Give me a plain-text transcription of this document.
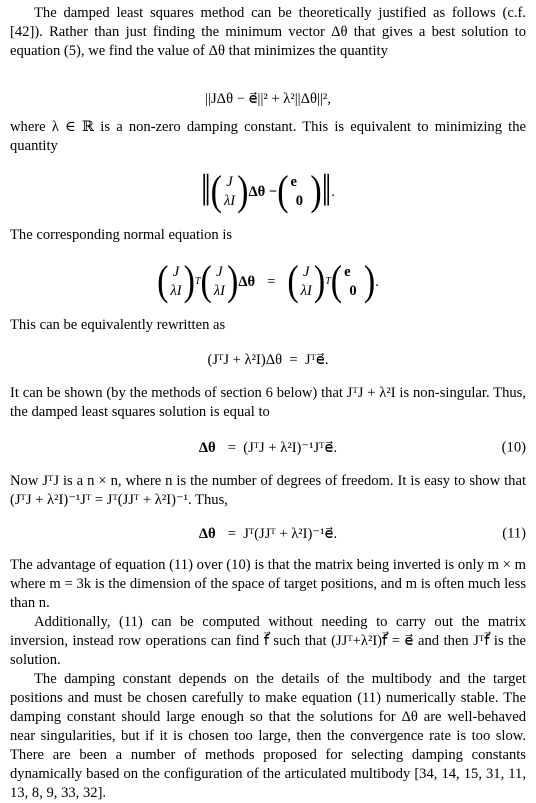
The damped least squares method can be theoretically justified as follows (c.f. [42]). Rather than just finding the minimum vector Δθ that gives a best solution to equation (5), we find the value of Δθ that minimizes the quantity

||JΔθ − e⃗||² + λ²||Δθ||²,

where λ ∈ ℝ is a non-zero damping constant. This is equivalent to minimizing the quantity

‖ ( J
λI ) Δθ − ( e⃗
0 ) ‖ .

The corresponding normal equation is

( J
λI ) T ( J
λI ) Δθ = ( J
λI ) T ( e⃗
0 ) .

This can be equivalently rewritten as

(JᵀJ + λ²I)Δθ  =  Jᵀe⃗.

It can be shown (by the methods of section 6 below) that JᵀJ + λ²I is non-singular. Thus, the damped least squares solution is equal to

Δθ =  (JᵀJ + λ²I)⁻¹Jᵀe⃗.	(10)

Now JᵀJ is a n × n, where n is the number of degrees of freedom. It is easy to show that (JᵀJ + λ²I)⁻¹Jᵀ = Jᵀ(JJᵀ + λ²I)⁻¹. Thus,

Δθ =  Jᵀ(JJᵀ + λ²I)⁻¹e⃗.	(11)

The advantage of equation (11) over (10) is that the matrix being inverted is only m × m where m = 3k is the dimension of the space of target positions, and m is often much less than n.

Additionally, (11) can be computed without needing to carry out the matrix inversion, instead row operations can find f⃗ such that (JJᵀ+λ²I)f⃗ = e⃗ and then Jᵀf⃗ is the solution.

The damping constant depends on the details of the multibody and the target positions and must be chosen carefully to make equation (11) numerically stable. The damping constant should large enough so that the solutions for Δθ are well-behaved near singularities, but if it is chosen too large, then the convergence rate is too slow. There are been a number of methods proposed for selecting damping constants dynamically based on the configuration of the articulated multibody [34, 14, 15, 31, 11, 13, 8, 9, 33, 32].
